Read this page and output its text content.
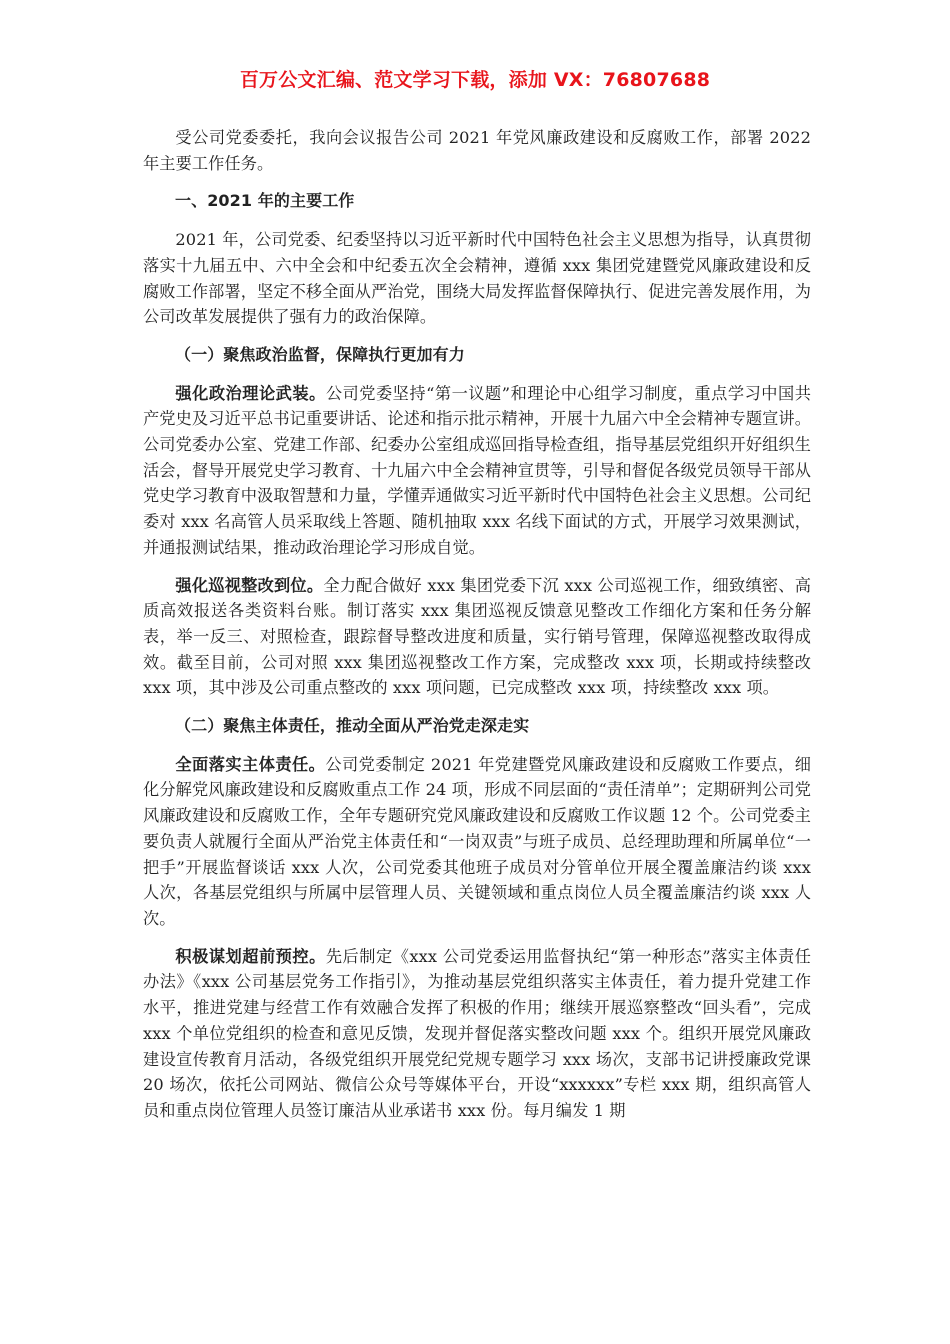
百万公文汇编、范文学习下载，添加 VX：76807688

受公司党委委托，我向会议报告公司 2021 年党风廉政建设和反腐败工作，部署 2022 年主要工作任务。

一、2021 年的主要工作

2021 年，公司党委、纪委坚持以习近平新时代中国特色社会主义思想为指导，认真贯彻落实十九届五中、六中全会和中纪委五次全会精神，遵循 xxx 集团党建暨党风廉政建设和反腐败工作部署，坚定不移全面从严治党，围绕大局发挥监督保障执行、促进完善发展作用，为公司改革发展提供了强有力的政治保障。

（一）聚焦政治监督，保障执行更加有力

强化政治理论武装。公司党委坚持“第一议题”和理论中心组学习制度，重点学习中国共产党史及习近平总书记重要讲话、论述和指示批示精神，开展十九届六中全会精神专题宣讲。公司党委办公室、党建工作部、纪委办公室组成巡回指导检查组，指导基层党组织开好组织生活会，督导开展党史学习教育、十九届六中全会精神宣贯等，引导和督促各级党员领导干部从党史学习教育中汲取智慧和力量，学懂弄通做实习近平新时代中国特色社会主义思想。公司纪委对 xxx 名高管人员采取线上答题、随机抽取 xxx 名线下面试的方式，开展学习效果测试，并通报测试结果，推动政治理论学习形成自觉。

强化巡视整改到位。全力配合做好 xxx 集团党委下沉 xxx 公司巡视工作，细致缜密、高质高效报送各类资料台账。制订落实 xxx 集团巡视反馈意见整改工作细化方案和任务分解表，举一反三、对照检查，跟踪督导整改进度和质量，实行销号管理，保障巡视整改取得成效。截至目前，公司对照 xxx 集团巡视整改工作方案，完成整改 xxx 项，长期或持续整改 xxx 项，其中涉及公司重点整改的 xxx 项问题，已完成整改 xxx 项，持续整改 xxx 项。

（二）聚焦主体责任，推动全面从严治党走深走实

全面落实主体责任。公司党委制定 2021 年党建暨党风廉政建设和反腐败工作要点，细化分解党风廉政建设和反腐败重点工作 24 项，形成不同层面的“责任清单”；定期研判公司党风廉政建设和反腐败工作，全年专题研究党风廉政建设和反腐败工作议题 12 个。公司党委主要负责人就履行全面从严治党主体责任和“一岗双责”与班子成员、总经理助理和所属单位“一把手”开展监督谈话 xxx 人次，公司党委其他班子成员对分管单位开展全覆盖廉洁约谈 xxx 人次，各基层党组织与所属中层管理人员、关键领域和重点岗位人员全覆盖廉洁约谈 xxx 人次。

积极谋划超前预控。先后制定《xxx 公司党委运用监督执纪“第一种形态”落实主体责任办法》《xxx 公司基层党务工作指引》，为推动基层党组织落实主体责任，着力提升党建工作水平，推进党建与经营工作有效融合发挥了积极的作用；继续开展巡察整改“回头看”，完成 xxx 个单位党组织的检查和意见反馈，发现并督促落实整改问题 xxx 个。组织开展党风廉政建设宣传教育月活动，各级党组织开展党纪党规专题学习 xxx 场次，支部书记讲授廉政党课 20 场次，依托公司网站、微信公众号等媒体平台，开设“xxxxxx”专栏 xxx 期，组织高管人员和重点岗位管理人员签订廉洁从业承诺书 xxx 份。每月编发 1 期
